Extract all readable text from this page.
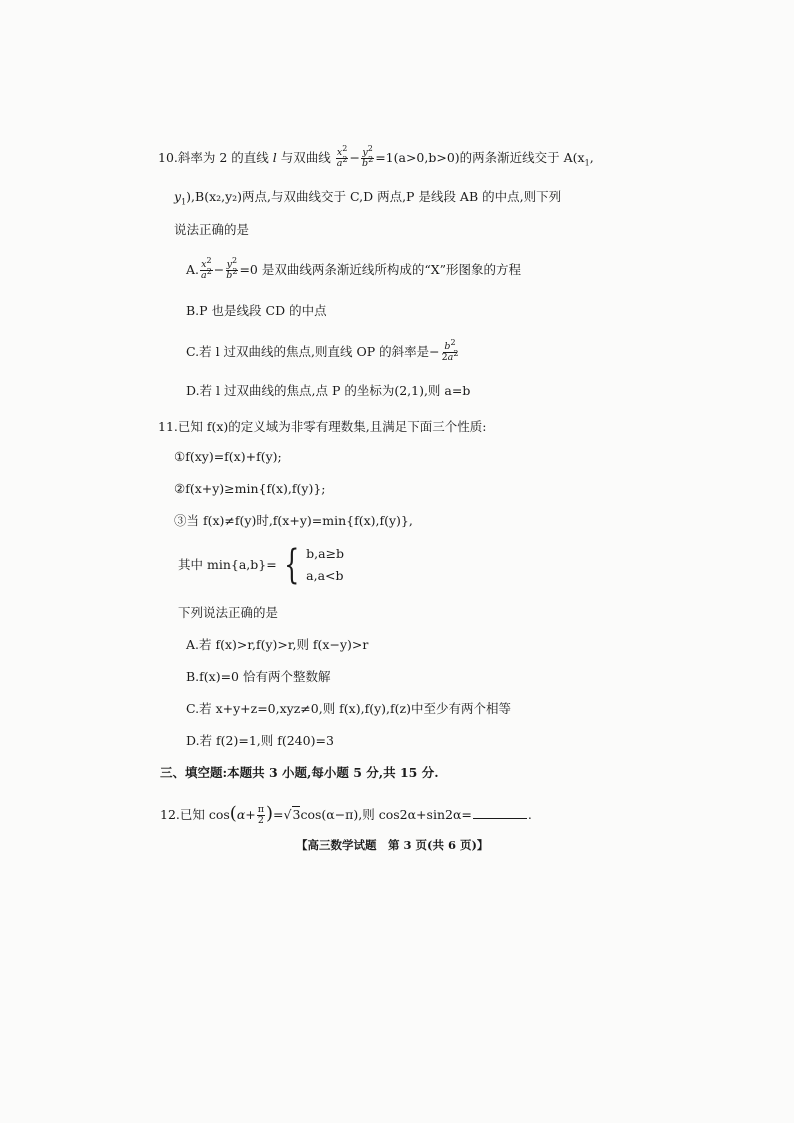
10.斜率为 2 的直线 l 与双曲线 $\frac{x^2}{a^2} - \frac{y^2}{b^2} =1(a>0,b>0)$的两条渐近线交于 $A(x_1$,
$y_1),B(x_2,y_2)$两点,与双曲线交于 C,D 两点,P 是线段 AB 的中点,则下列
说法正确的是
A. $\frac{x^2}{a^2} - \frac{y^2}{b^2} =0$ 是双曲线两条渐近线所构成的“X”形图象的方程
B.P 也是线段 CD 的中点
C.若 l 过双曲线的焦点,则直线 OP 的斜率是− $\frac{b^2}{2a^2}$
D.若 l 过双曲线的焦点,点 P 的坐标为(2,1),则 a=b
11.已知 f(x)的定义域为非零有理数集,且满足下面三个性质:
①f(xy)=f(x)+f(y);
②f(x+y)≥min{f(x),f(y)};
③当 f(x)≠f(y)时,f(x+y)=min{f(x),f(y)},
其中 min{a,b}= { b,a≥b
a,a<b
下列说法正确的是
A.若 f(x)>r,f(y)>r,则 f(x−y)>r
B.f(x)=0 恰有两个整数解
C.若 x+y+z=0,xyz≠0,则 f(x),f(y),f(z)中至少有两个相等
D.若 f(2)=1,则 f(240)=3
三、填空题:本题共 3 小题,每小题 5 分,共 15 分.
12.已知 $\cos(\alpha+ \frac{\pi}{2} )=√3\cos(\alpha-\pi)$,则 cos2α+sin2α=	.
【高三数学试题　第 3 页(共 6 页)】
